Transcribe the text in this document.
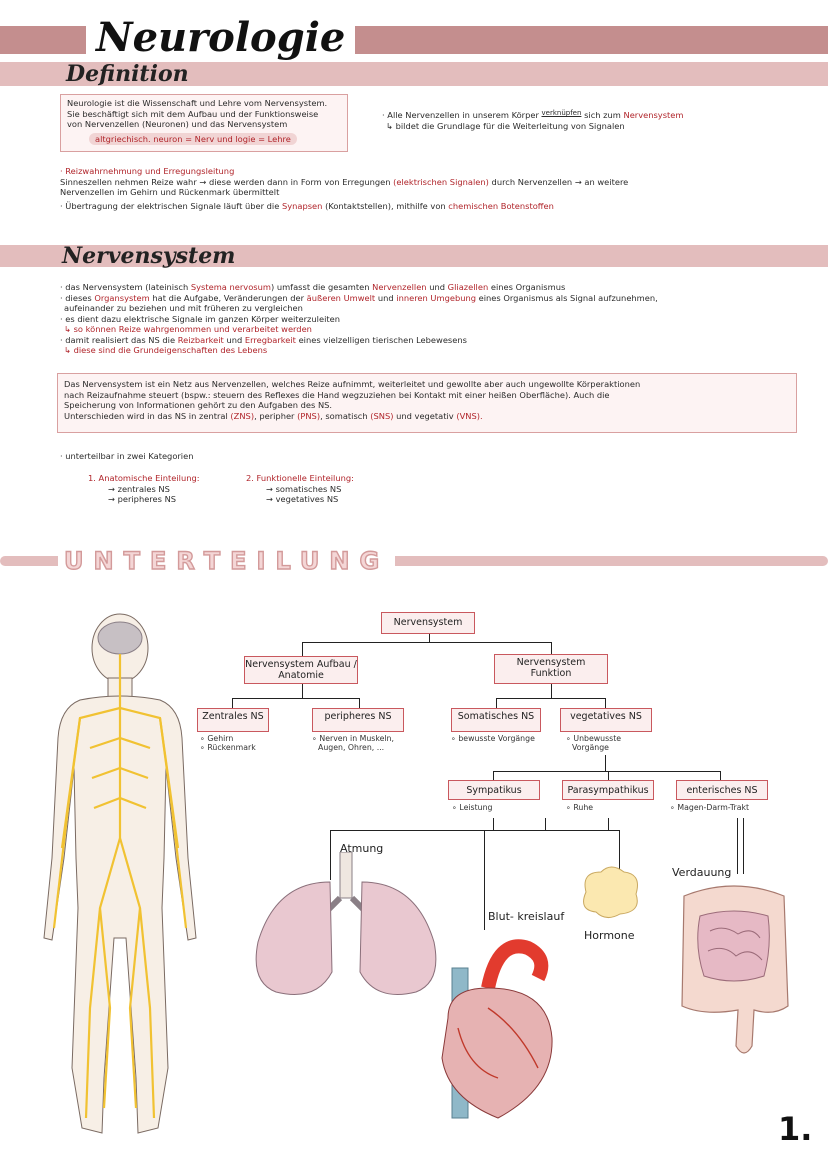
Neurologie
Definition
Neurologie ist die Wissenschaft und Lehre vom Nervensystem.
Sie beschäftigt sich mit dem Aufbau und der Funktionsweise
von Nervenzellen (Neuronen) und das Nervensystem
altgriechisch. neuron = Nerv und logie = Lehre
· Alle Nervenzellen in unserem Körper $^{verknüpfen}$ sich zum Nervensystem
↳ bildet die Grundlage für die Weiterleitung von Signalen
· Reizwahrnehmung und Erregungsleitung
Sinneszellen nehmen Reize wahr → diese werden dann in Form von Erregungen (elektrischen Signalen) durch Nervenzellen → an weitere
Nervenzellen im Gehirn und Rückenmark übermittelt
· Übertragung der elektrischen Signale läuft über die Synapsen (Kontaktstellen), mithilfe von chemischen Botenstoffen
Nervensystem
· das Nervensystem (lateinisch Systema nervosum) umfasst die gesamten Nervenzellen und Gliazellen eines Organismus
· dieses Organsystem hat die Aufgabe, Veränderungen der äußeren Umwelt und inneren Umgebung eines Organismus als Signal aufzunehmen,
aufeinander zu beziehen und mit früheren zu vergleichen
· es dient dazu elektrische Signale im ganzen Körper weiterzuleiten
↳ so können Reize wahrgenommen und verarbeitet werden
· damit realisiert das NS die Reizbarkeit und Erregbarkeit eines vielzelligen tierischen Lebewesens
↳ diese sind die Grundeigenschaften des Lebens
Das Nervensystem ist ein Netz aus Nervenzellen, welches Reize aufnimmt, weiterleitet und gewollte aber auch ungewollte Körperaktionen
nach Reizaufnahme steuert (bspw.: steuern des Reflexes die Hand wegzuziehen bei Kontakt mit einer heißen Oberfläche). Auch die
Speicherung von Informationen gehört zu den Aufgaben des NS.
Unterschieden wird in das NS in zentral (ZNS), peripher (PNS), somatisch (SNS) und vegetativ (VNS).
· unterteilbar in zwei Kategorien
1. Anatomische Einteilung:
→ zentrales NS
→ peripheres NS
2. Funktionelle Einteilung:
→ somatisches NS
→ vegetatives NS
UNTERTEILUNG
Nervensystem
Nervensystem Aufbau / Anatomie
Nervensystem Funktion
Zentrales NS	peripheres NS	Somatisches NS	vegetatives NS
∘ Gehirn
∘ Rückenmark
∘ Nerven in Muskeln,
Augen, Ohren, ...
∘ bewusste Vorgänge	∘ Unbewusste
Vorgänge
Sympatikus	Parasympathikus	enterisches NS
∘ Leistung	∘ Ruhe	∘ Magen-Darm-Trakt
Atmung
Blut- kreislauf
Hormone
Verdauung
1.
